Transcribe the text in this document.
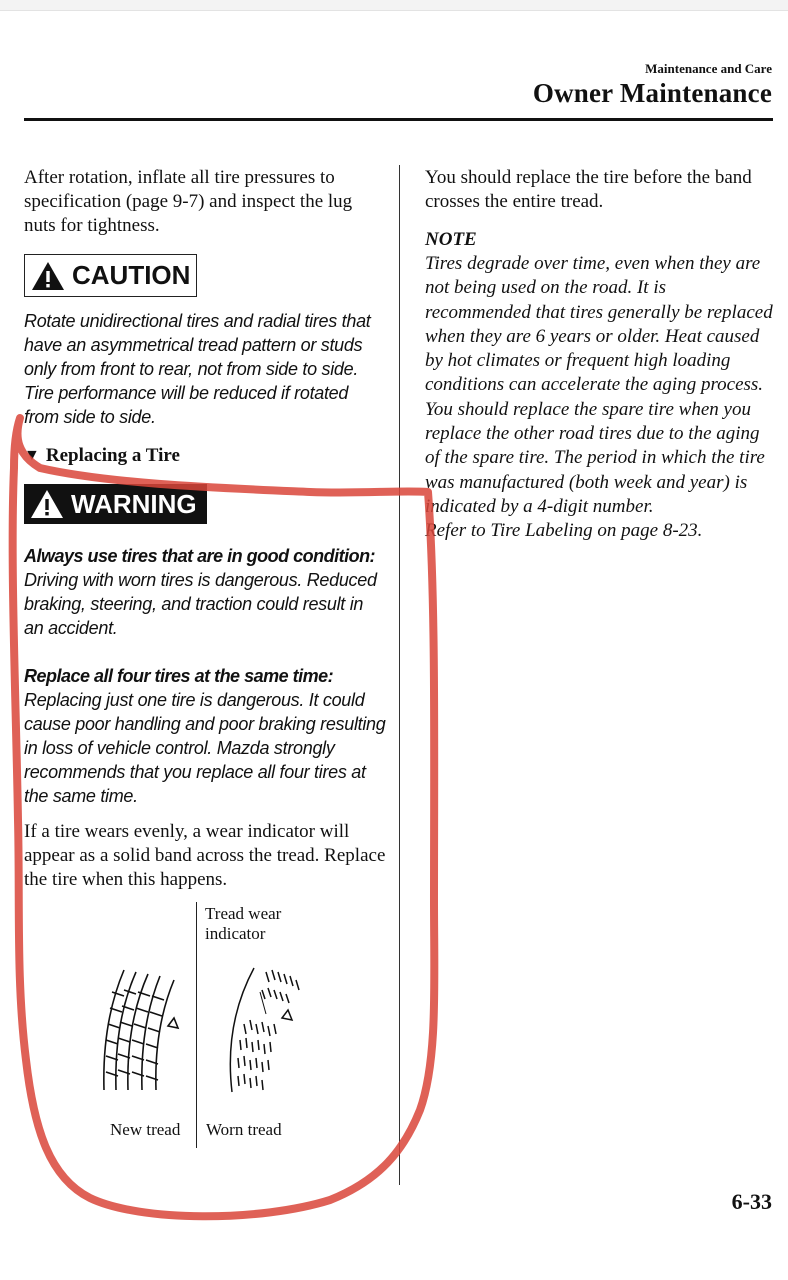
Maintenance and Care
Owner Maintenance

After rotation, inflate all tire pressures to specification (page 9-7) and inspect the lug nuts for tightness.

CAUTION

Rotate unidirectional tires and radial tires that have an asymmetrical tread pattern or studs only from front to rear, not from side to side. Tire performance will be reduced if rotated from side to side.

▼ Replacing a Tire
WARNING

Always use tires that are in good condition:

Driving with worn tires is dangerous. Reduced braking, steering, and traction could result in an accident.

Replace all four tires at the same time:

Replacing just one tire is dangerous. It could cause poor handling and poor braking resulting in loss of vehicle control. Mazda strongly recommends that you replace all four tires at the same time.

If a tire wears evenly, a wear indicator will appear as a solid band across the tread. Replace the tire when this happens.

Tread wear
indicator
New tread Worn tread

You should replace the tire before the band crosses the entire tread.

NOTE

Tires degrade over time, even when they are not being used on the road. It is recommended that tires generally be replaced when they are 6 years or older. Heat caused by hot climates or frequent high loading conditions can accelerate the aging process. You should replace the spare tire when you replace the other road tires due to the aging of the spare tire. The period in which the tire was manufactured (both week and year) is indicated by a 4-digit number.

Refer to Tire Labeling on page 8-23.

6-33
